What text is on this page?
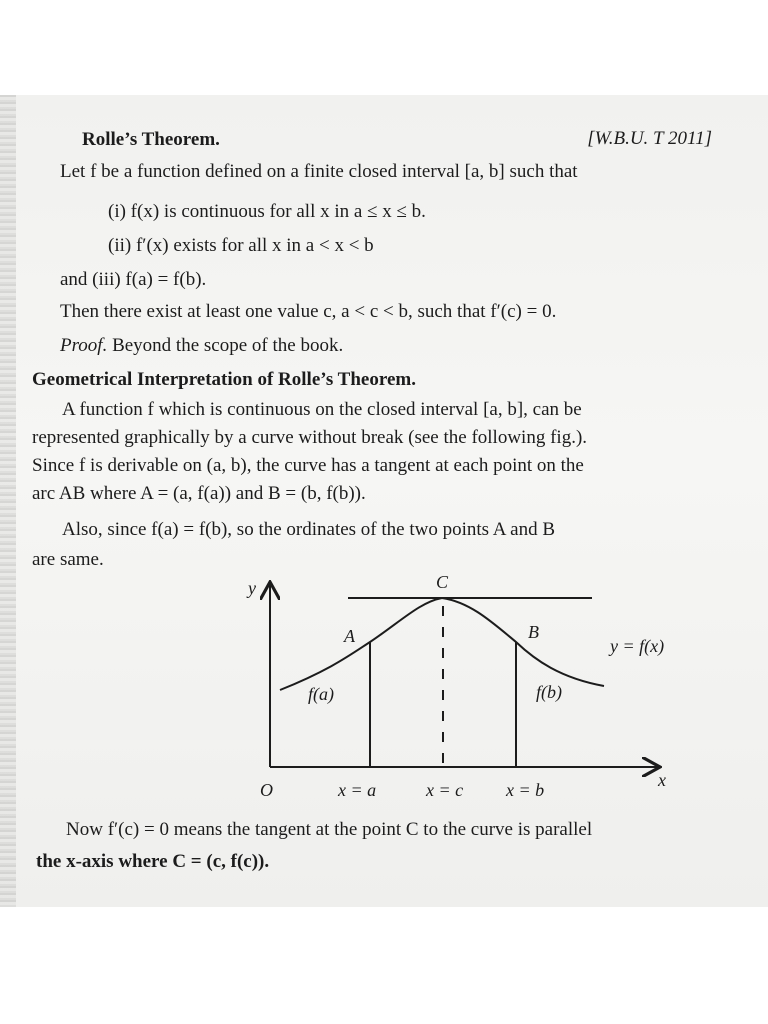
Rolle’s Theorem.	[W.B.U. T 2011]
Let f be a function defined on a finite closed interval [a, b] such that
(i) f(x) is continuous for all x in a ≤ x ≤ b.
(ii) f′(x) exists for all x in a < x < b
and (iii) f(a) = f(b).
Then there exist at least one value c, a < c < b, such that f′(c) = 0.
Proof. Beyond the scope of the book.
Geometrical Interpretation of Rolle’s Theorem.
A function f which is continuous on the closed interval [a, b], can be
represented graphically by a curve without break (see the following fig.).
Since f is derivable on (a, b), the curve has a tangent at each point on the
arc AB where A = (a, f(a)) and B = (b, f(b)).
Also, since f(a) = f(b), so the ordinates of the two points A and B
are same.
y
x
O
C
A	B
y = f(x)
f(a)	f(b)
x = a	x = c x = b
Now f′(c) = 0 means the tangent at the point C to the curve is parallel
the x-axis where C = (c, f(c)).
